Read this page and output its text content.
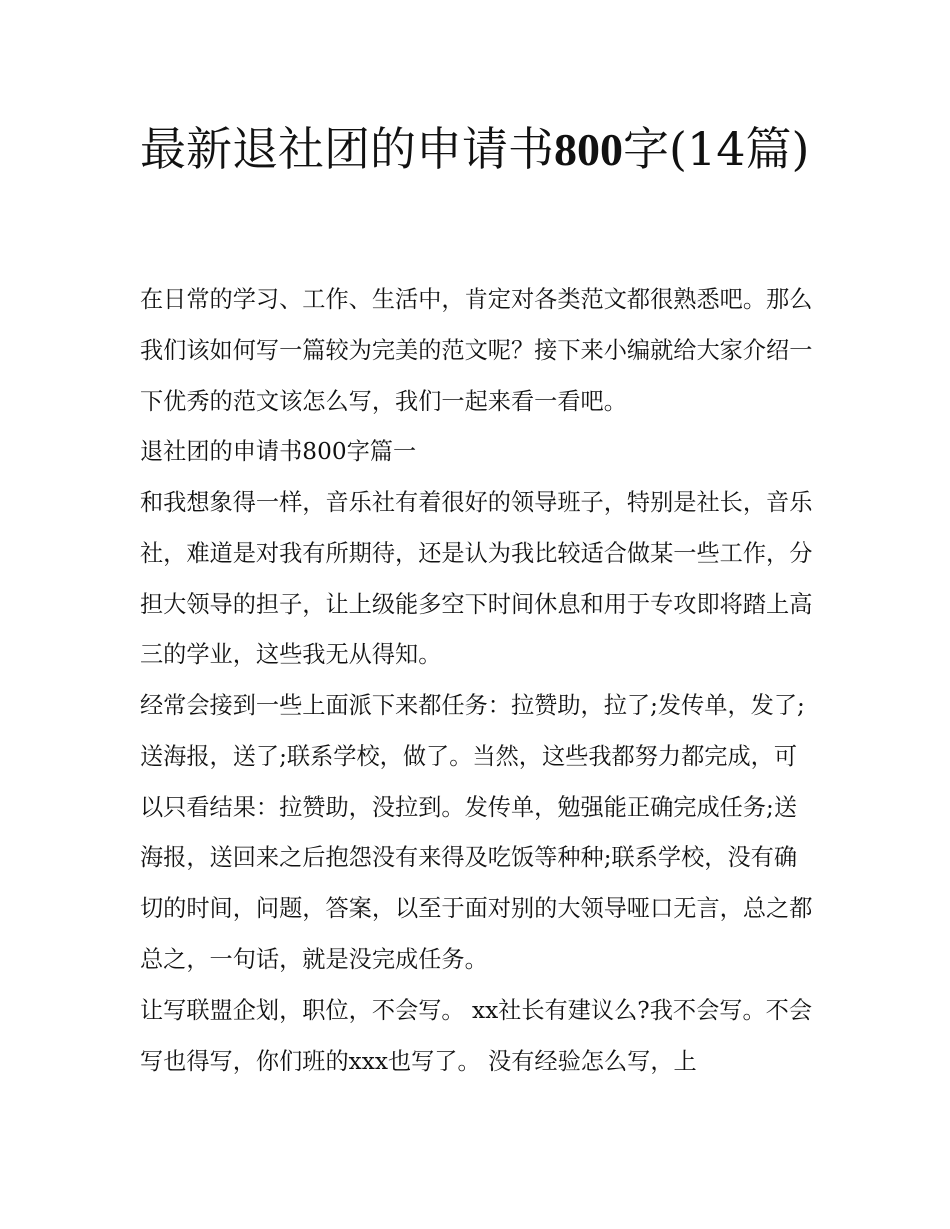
最新退社团的申请书800字(14篇)

在日常的学习、工作、生活中，肯定对各类范文都很熟悉吧。那么我们该如何写一篇较为完美的范文呢？接下来小编就给大家介绍一下优秀的范文该怎么写，我们一起来看一看吧。

退社团的申请书800字篇一

和我想象得一样，音乐社有着很好的领导班子，特别是社长，音乐社，难道是对我有所期待，还是认为我比较适合做某一些工作，分担大领导的担子，让上级能多空下时间休息和用于专攻即将踏上高三的学业，这些我无从得知。

经常会接到一些上面派下来都任务：拉赞助，拉了;发传单，发了;送海报，送了;联系学校，做了。当然，这些我都努力都完成，可以只看结果：拉赞助，没拉到。发传单，勉强能正确完成任务;送海报，送回来之后抱怨没有来得及吃饭等种种;联系学校，没有确切的时间，问题，答案，以至于面对别的大领导哑口无言，总之都总之，一句话，就是没完成任务。

让写联盟企划，职位，不会写。 xx社长有建议么?我不会写。不会写也得写，你们班的xxx也写了。 没有经验怎么写，上
